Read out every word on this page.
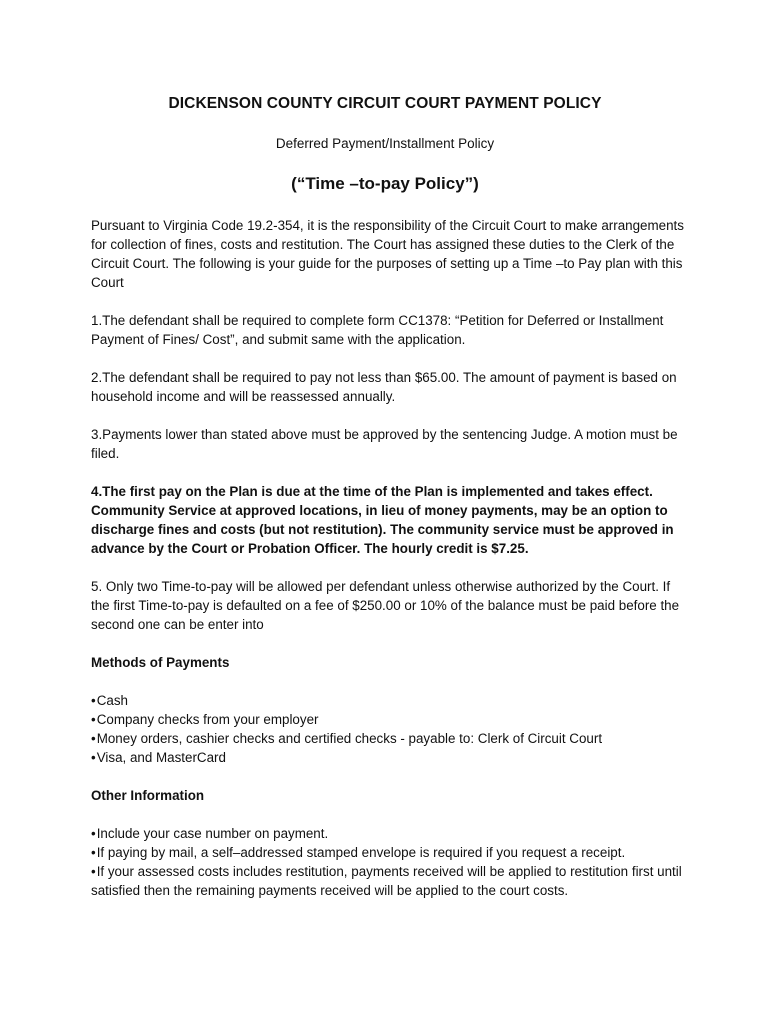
DICKENSON COUNTY CIRCUIT COURT PAYMENT POLICY
Deferred Payment/Installment Policy
(“Time –to-pay Policy”)

Pursuant to Virginia Code 19.2-354, it is the responsibility of the Circuit Court to make arrangements for collection of fines, costs and restitution. The Court has assigned these duties to the Clerk of the Circuit Court. The following is your guide for the purposes of setting up a Time –to Pay plan with this Court

1.The defendant shall be required to complete form CC1378: “Petition for Deferred or Installment Payment of Fines/ Cost”, and submit same with the application.

2.The defendant shall be required to pay not less than $65.00. The amount of payment is based on household income and will be reassessed annually.

3.Payments lower than stated above must be approved by the sentencing Judge. A motion must be filed.

4.The first pay on the Plan is due at the time of the Plan is implemented and takes effect. Community Service at approved locations, in lieu of money payments, may be an option to discharge fines and costs (but not restitution). The community service must be approved in advance by the Court or Probation Officer. The hourly credit is $7.25.

5. Only two Time-to-pay will be allowed per defendant unless otherwise authorized by the Court. If the first Time-to-pay is defaulted on a fee of $250.00 or 10% of the balance must be paid before the second one can be enter into

Methods of Payments
•Cash
•Company checks from your employer
•Money orders, cashier checks and certified checks - payable to: Clerk of Circuit Court
•Visa, and MasterCard
Other Information
•Include your case number on payment.
•If paying by mail, a self–addressed stamped envelope is required if you request a receipt.
•If your assessed costs includes restitution, payments received will be applied to restitution first until satisfied then the remaining payments received will be applied to the court costs.
